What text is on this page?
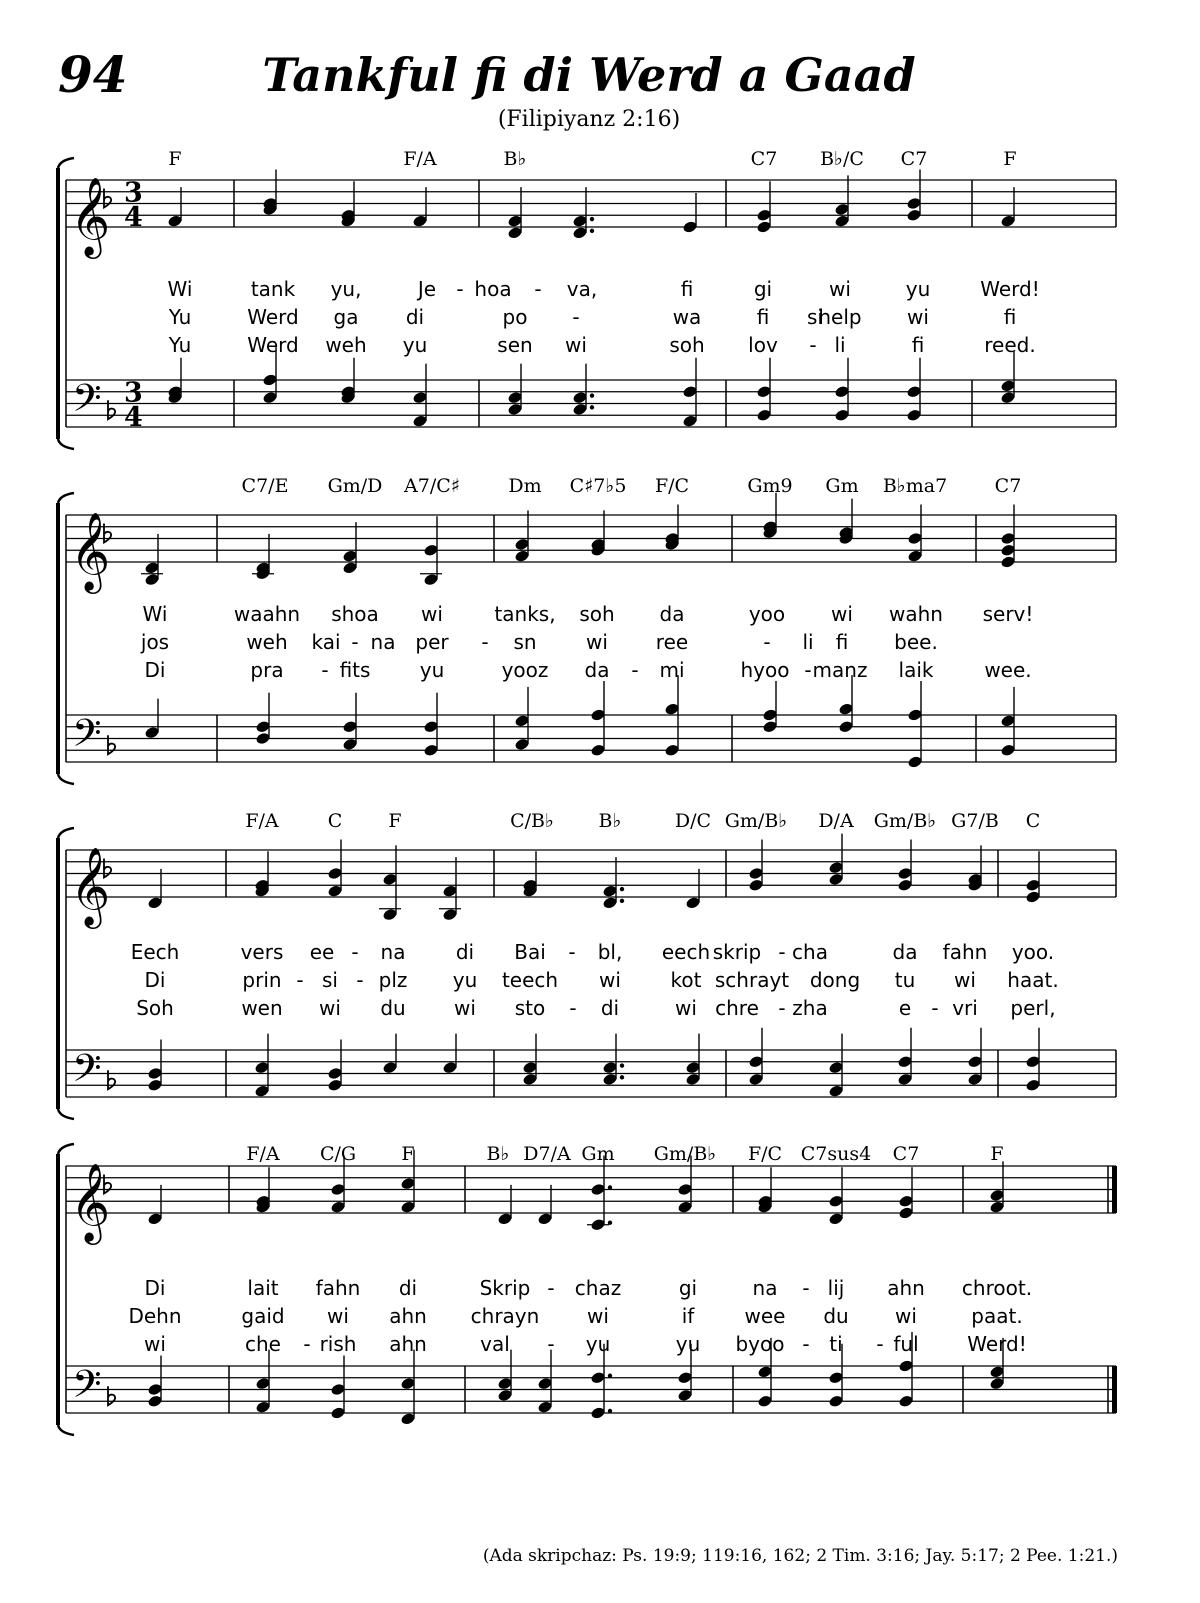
94	Tankful fi di Werd a Gaad
(Filipiyanz 2:16)
F	F/A	B♭	C7 B♭/C C7	F
Wi	tank yu,	Je - hoa - va,	fi	gi	wi	yu Werd!
Yu	Werd ga di	po -	wa	fi help wi	fi
si
Yu	Werd weh yu	sen wi	soh lov - li	fi	reed.
𝄞 3
4
𝄢 3
4
C7/E Gm/D A7/C♯	Dm C♯7♭5 F/C	Gm9 Gm B♭ma7	C7
Wi	waahn shoa wi	tanks, soh da	yoo wi wahn serv!
jos	weh kai - na per - sn wi ree	- li fi bee.
Di	pra - fits yu	yooz da - mi	hyoo - manz laik	wee.
𝄞
𝄢
F/A	C F	C/B♭ B♭	D/C Gm/B♭ D/A Gm/B♭ G7/B C
Eech	vers ee - na	di Bai - bl, eech skrip - cha	da fahn yoo.
Di	prin - si - plz yu teech wi kot schrayt dong tu wi haat.
Soh	wen wi du wi sto - di	wi chre - zha	e - vri perl,
𝄞
𝄢
F/A C/G F	B♭ D7/A Gm Gm/B♭ F/C C7sus4 C7	F
Di	lait fahn di	Skrip - chaz	gi	na - lij ahn chroot.
Dehn	gaid wi ahn chrayn wi	if	wee du wi	paat.
wi	che - rish ahn	val - yu	yu byoo - ti - ful Werd!
𝄞
𝄢
(Ada skripchaz: Ps. 19:9; 119:16, 162; 2 Tim. 3:16; Jay. 5:17; 2 Pee. 1:21.)
